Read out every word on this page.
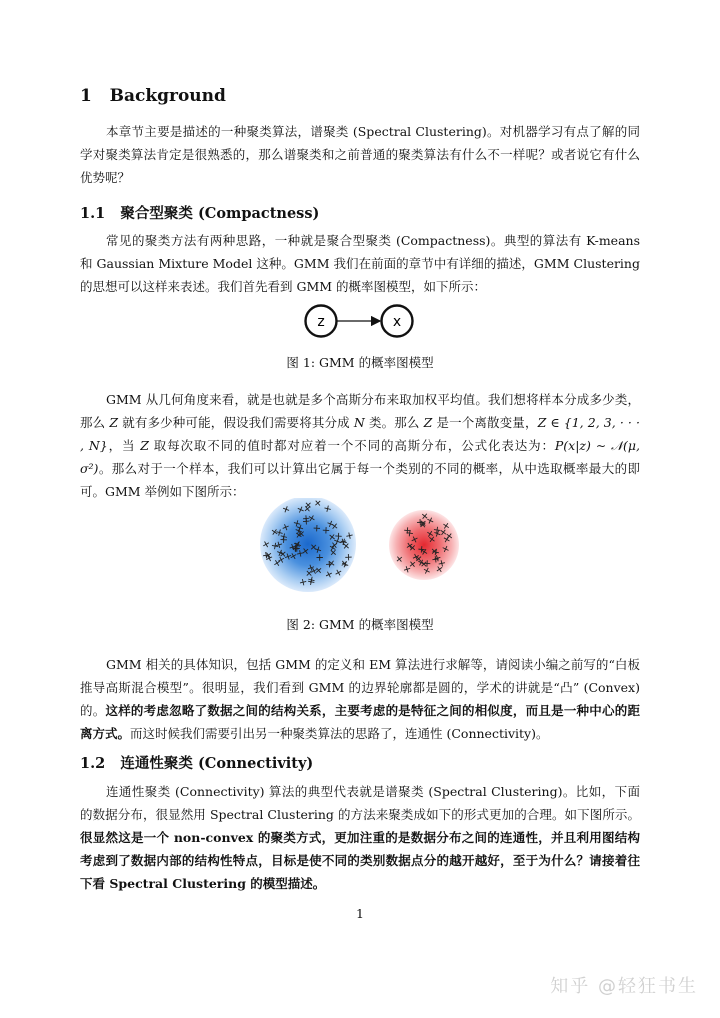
1 Background
本章节主要是描述的一种聚类算法，谱聚类 (Spectral Clustering)。对机器学习有点了解的同学对聚类算法肯定是很熟悉的，那么谱聚类和之前普通的聚类算法有什么不一样呢？或者说它有什么优势呢？
1.1 聚合型聚类 (Compactness)
常见的聚类方法有两种思路，一种就是聚合型聚类 (Compactness)。典型的算法有 K-means 和 Gaussian Mixture Model 这种。GMM 我们在前面的章节中有详细的描述，GMM Clustering 的思想可以这样来表述。我们首先看到 GMM 的概率图模型，如下所示：
z	x
图 1: GMM 的概率图模型
GMM 从几何角度来看，就是也就是多个高斯分布来取加权平均值。我们想将样本分成多少类，那么 Z 就有多少种可能，假设我们需要将其分成 N 类。那么 Z 是一个离散变量，Z ∈ {1, 2, 3, · · · , N}，当 Z 取每次取不同的值时都对应着一个不同的高斯分布，公式化表达为：P(x|z) ∼ 𝒩(μ, σ²)。那么对于一个样本，我们可以计算出它属于每一个类别的不同的概率，从中选取概率最大的即可。GMM 举例如下图所示：
图 2: GMM 的概率图模型
GMM 相关的具体知识，包括 GMM 的定义和 EM 算法进行求解等，请阅读小编之前写的“白板推导高斯混合模型”。很明显，我们看到 GMM 的边界轮廓都是圆的，学术的讲就是“凸” (Convex) 的。这样的考虑忽略了数据之间的结构关系，主要考虑的是特征之间的相似度，而且是一种中心的距离方式。而这时候我们需要引出另一种聚类算法的思路了，连通性 (Connectivity)。
1.2 连通性聚类 (Connectivity)
连通性聚类 (Connectivity) 算法的典型代表就是谱聚类 (Spectral Clustering)。比如，下面的数据分布，很显然用 Spectral Clustering 的方法来聚类成如下的形式更加的合理。如下图所示。很显然这是一个 non-convex 的聚类方式，更加注重的是数据分布之间的连通性，并且利用图结构考虑到了数据内部的结构性特点，目标是使不同的类别数据点分的越开越好，至于为什么？请接着往下看 Spectral Clustering 的模型描述。
1
知乎 @轻狂书生
